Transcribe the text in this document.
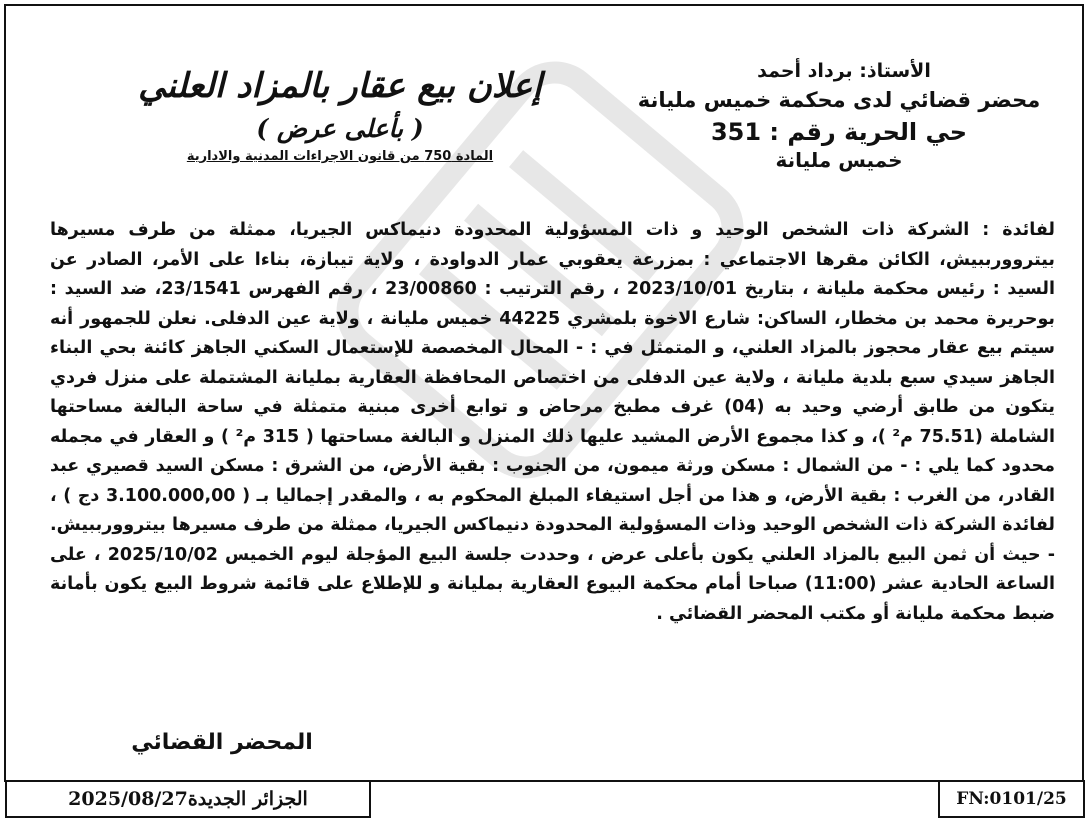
الأستاذ: برداد أحمد
محضر قضائي لدى محكمة خميس مليانة
حي الحرية رقم : 351
خميس مليانة
إعلان بيع عقار بالمزاد العلني
( بأعلى عرض )
المادة 750 من قانون الاجراءات المدنية والادارية
لفائدة : الشركة ذات الشخص الوحيد و ذات المسؤولية المحدودة دنيماكس الجيريا، ممثلة من طرف مسيرها بيتروورببيش، الكائن مقرها الاجتماعي : بمزرعة يعقوبي عمار الدواودة ، ولاية تيبازة، بناءا على الأمر، الصادر عن السيد : رئيس محكمة مليانة ، بتاريخ 2023/10/01 ، رقم الترتيب : 23/00860 ، رقم الفهرس 23/1541، ضد السيد : بوحريرة محمد بن مخطار، الساكن: شارع الاخوة بلمشري 44225 خميس مليانة ، ولاية عين الدفلى. نعلن للجمهور أنه سيتم بيع عقار محجوز بالمزاد العلني، و المتمثل في : - المحال المخصصة للإستعمال السكني الجاهز كائنة بحي البناء الجاهز سيدي سبع بلدية مليانة ، ولاية عين الدفلى من اختصاص المحافظة العقارية بمليانة المشتملة على منزل فردي يتكون من طابق أرضي وحيد به (04) غرف مطبخ مرحاض و توابع أخرى مبنية متمثلة في ساحة البالغة مساحتها الشاملة (75.51 م² )، و كذا مجموع الأرض المشيد عليها ذلك المنزل و البالغة مساحتها ( 315 م² ) و العقار في مجمله محدود كما يلي : - من الشمال : مسكن ورثة ميمون، من الجنوب : بقية الأرض، من الشرق : مسكن السيد قصيري عبد القادر، من الغرب : بقية الأرض، و هذا من أجل استيفاء المبلغ المحكوم به ، والمقدر إجماليا بـ ( 3.100.000,00 دج ) ، لفائدة الشركة ذات الشخص الوحيد وذات المسؤولية المحدودة دنيماكس الجيريا، ممثلة من طرف مسيرها بيتروورببيش. - حيث أن ثمن البيع بالمزاد العلني يكون بأعلى عرض ، وحددت جلسة البيع المؤجلة ليوم الخميس 2025/10/02 ، على الساعة الحادية عشر (11:00) صباحا أمام محكمة البيوع العقارية بمليانة و للإطلاع على قائمة شروط البيع يكون بأمانة ضبط محكمة مليانة أو مكتب المحضر القضائي .
المحضر القضائي
الجزائر الجديدة
2025/08/27	FN:0101/25
